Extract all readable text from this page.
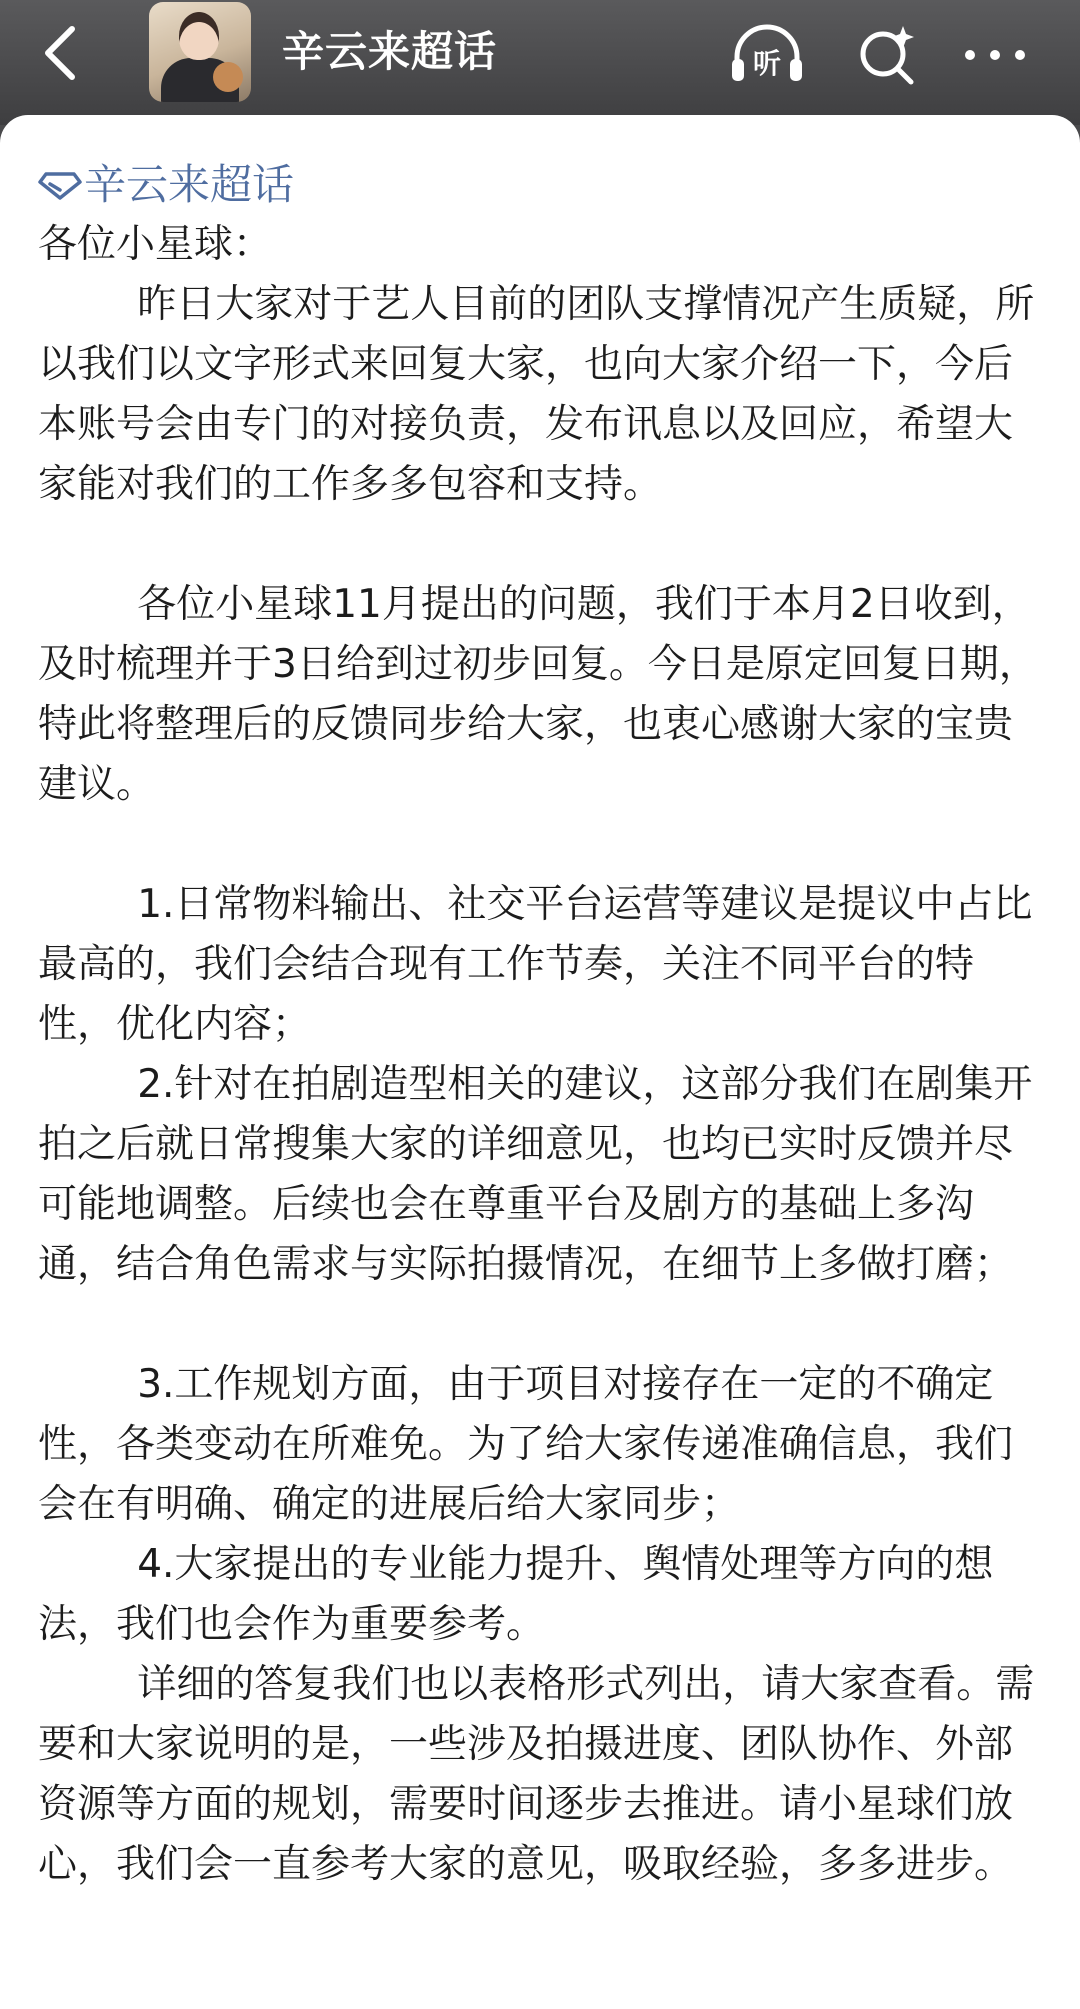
辛云来超话	听
辛云来超话
各位小星球：
昨日大家对于艺人目前的团队支撑情况产生质疑，所以我们以文字形式来回复大家，也向大家介绍一下，今后本账号会由专门的对接负责，发布讯息以及回应，希望大家能对我们的工作多多包容和支持。
各位小星球11月提出的问题，我们于本月2日收到，及时梳理并于3日给到过初步回复。今日是原定回复日期，特此将整理后的反馈同步给大家，也衷心感谢大家的宝贵建议。
1.日常物料输出、社交平台运营等建议是提议中占比最高的，我们会结合现有工作节奏，关注不同平台的特性，优化内容；
2.针对在拍剧造型相关的建议，这部分我们在剧集开拍之后就日常搜集大家的详细意见，也均已实时反馈并尽可能地调整。后续也会在尊重平台及剧方的基础上多沟通，结合角色需求与实际拍摄情况，在细节上多做打磨；
3.工作规划方面，由于项目对接存在一定的不确定性，各类变动在所难免。为了给大家传递准确信息，我们会在有明确、确定的进展后给大家同步；
4.大家提出的专业能力提升、舆情处理等方向的想法，我们也会作为重要参考。
详细的答复我们也以表格形式列出，请大家查看。需要和大家说明的是，一些涉及拍摄进度、团队协作、外部资源等方面的规划，需要时间逐步去推进。请小星球们放心，我们会一直参考大家的意见，吸取经验，多多进步。
